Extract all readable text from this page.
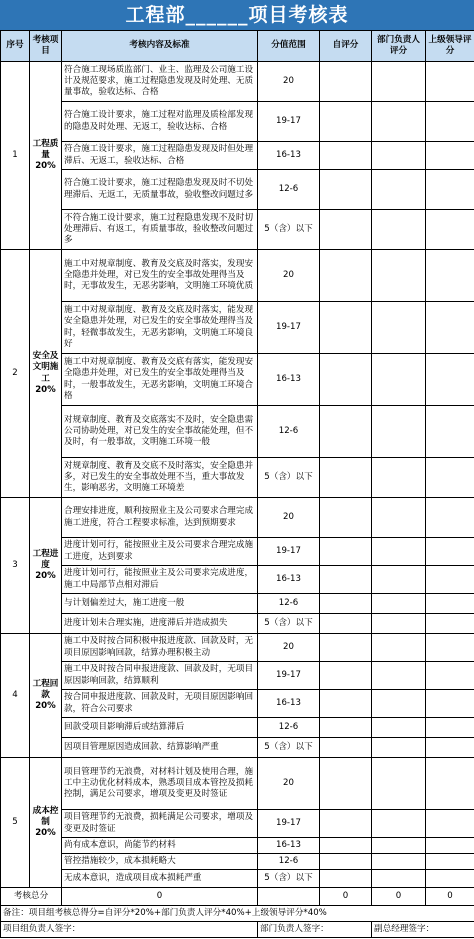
工程部______项目考核表
序号	考核项目	考核内容及标准	分值范围	自评分	部门负责人评分	上级领导评分
1	工程质量20%	符合施工现场质监部门、业主、监理及公司施工设计及规范要求，施工过程隐患发现及时处理、无质量事故，验收达标、合格	20			
		符合施工设计要求，施工过程对监理及质检部发现的隐患及时处理、无返工，验收达标、合格	19-17			
		符合施工设计要求，施工过程隐患发现及时但处理滞后、无返工，验收达标、合格	16-13			
		符合施工设计要求，施工过程隐患发现及时不切处理滞后、无返工，无质量事故，验收整改问题过多	12-6			
		不符合施工设计要求，施工过程隐患发现不及时切处理滞后、有返工，有质量事故，验收整改问题过多	5（含）以下			
2	安全及文明施工20%	施工中对规章制度、教育及交底及时落实，发现安全隐患并处理，对已发生的安全事故处理得当及时，无事故发生，无恶劣影响，文明施工环境优质	20			
		施工中对规章制度、教育及交底及时落实，能发现安全隐患并处理，对已发生的安全事故处理得当及时，轻微事故发生，无恶劣影响，文明施工环境良好	19-17			
		施工中对规章制度、教育及交底有落实，能发现安全隐患并处理，对已发生的安全事故处理得当及时，一般事故发生，无恶劣影响，文明施工环境合格	16-13			
		对规章制度、教育及交底落实不及时，安全隐患需公司协助处理，对已发生的安全事故能处理，但不及时，有一般事故，文明施工环境一般	12-6			
		对规章制度、教育及交底不及时落实，安全隐患并多，对已发生的安全事故处理不当，重大事故发生，影响恶劣，文明施工环境差	5（含）以下			
3	工程进度20%	合理安排进度，顺利按照业主及公司要求合理完成施工进度，符合工程要求标准，达到预期要求	20			
		进度计划可行，能按照业主及公司要求合理完成施工进度，达到要求	19-17			
		进度计划可行，能按照业主及公司要求完成进度，施工中局部节点相对滞后	16-13			
		与计划偏差过大，施工进度一般	12-6			
		进度计划未合理实施，进度滞后并造成损失	5（含）以下			
4	工程回款20%	施工中及时按合同积极申报进度款、回款及时，无项目原因影响回款，结算办理积极主动	20			
		施工中及时按合同申报进度款、回款及时，无项目原因影响回款，结算顺利	19-17			
		按合同申报进度款、回款及时，无项目原因影响回款，符合公司要求	16-13			
		回款受项目影响滞后或结算滞后	12-6			
		因项目管理原因造成回款、结算影响严重	5（含）以下			
5	成本控制20%	项目管理节约无浪费，对材料计划及使用合理，施工中主动优化材料成本，熟悉项目成本管控及损耗控制，满足公司要求，增项及变更及时签证	20			
		项目管理节约无浪费，损耗满足公司要求，增项及变更及时签证	19-17			
		尚有成本意识，尚能节约材料	16-13			
		管控措施较少，成本损耗略大	12-6			
		无成本意识，造成项目成本损耗严重	5（含）以下			
考核总分		0		0	0	0
备注：项目组考核总得分=自评分*20%+部门负责人评分*40%+上级领导评分*40%						
项目组负责人签字：			部门负责人签字：		副总经理签字：	
